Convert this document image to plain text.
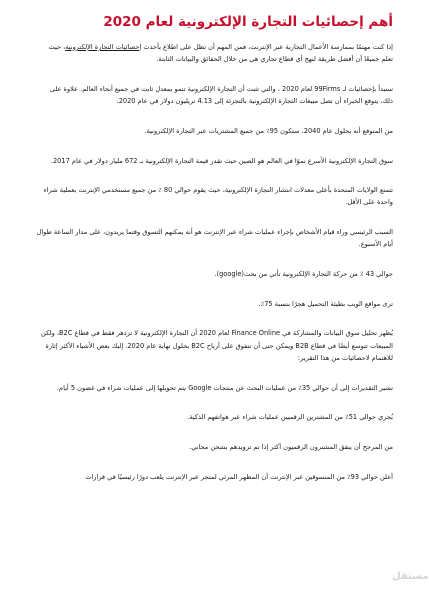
أهم إحصائيات التجارة الإلكترونية لعام 2020

إذا كنت مهتمًا بممارسة الأعمال التجارية عبر الإنترنت، فمن المهم أن تظل على اطلاع بأحدث إحصائيات التجارة الإلكترونية، حيث تعلم جميعًا أن أفضل طريقة لنهج أي قطاع تجاري هي من خلال الحقائق والبيانات الثابتة.

سنبدأ بإحصائيات لـ 99Firms لعام 2020 ، والتي تثبت أن التجارة الإلكترونية تنمو بمعدل ثابت في جميع أنحاء العالم. علاوة على ذلك، يتوقع الخبراء أن تصل مبيعات التجارة الإلكترونية بالتجزئة إلى 4.13 تريليون دولار في عام 2020.

من المتوقع أنه بحلول عام 2040، ستكون 95٪ من جميع المشتريات عبر التجارة الإلكترونية.

سوق التجارة الإلكترونية الأسرع نموًا في العالم هو الصين حيث تقدر قيمة التجارة الإلكترونية بـ 672 مليار دولار في عام 2017.

تتمتع الولايات المتحدة بأعلى معدلات انتشار التجارة الإلكترونية، حيث يقوم حوالي 80 ٪ من جميع مستخدمي الإنترنت بعملية شراء واحدة على الأقل.

السبب الرئيسي وراء قيام الأشخاص بإجراء عمليات شراء عبر الإنترنت هو أنه يمكنهم التسوق وقتما يريدون، على مدار الساعة طوال أيام الأسبوع.

حوالي 43 ٪ من حركة التجارة الإلكترونية تأتي من بحث(google).

ترى مواقع الويب بطيئة التحميل هجرًا بنسبة 75٪.

يُظهر تحليل سوق البيانات والمشاركة في Finance Online لعام 2020 أن التجارة الإلكترونية لا تزدهر فقط في قطاع B2C، ولكن المبيعات تتوسع أيضًا في قطاع B2B ويمكن حتى أن تتفوق على أرباح B2C بحلول نهاية عام 2020. إليك بعض الأشياء الأكثر إثارة للاهتمام لاحصائيات من هذا التقرير:

تشير التقديرات إلى أن حوالي 35٪ من عمليات البحث عن منتجات Google يتم تحويلها إلى عمليات شراء في غضون 5 أيام.

يُجري حوالي 51٪ من المشترين الرقميين عمليات شراء عبر هواتفهم الذكية.

من المرجح أن ينفق المشترون الرقميون أكثر إذا تم تزويدهم بشحن مجاني.

أعلن حوالي 93٪ من المتسوقين عبر الإنترنت أن المظهر المرئي لمتجر عبر الإنترنت يلعب دورًا رئيسيًا في قرارات

مستقل
